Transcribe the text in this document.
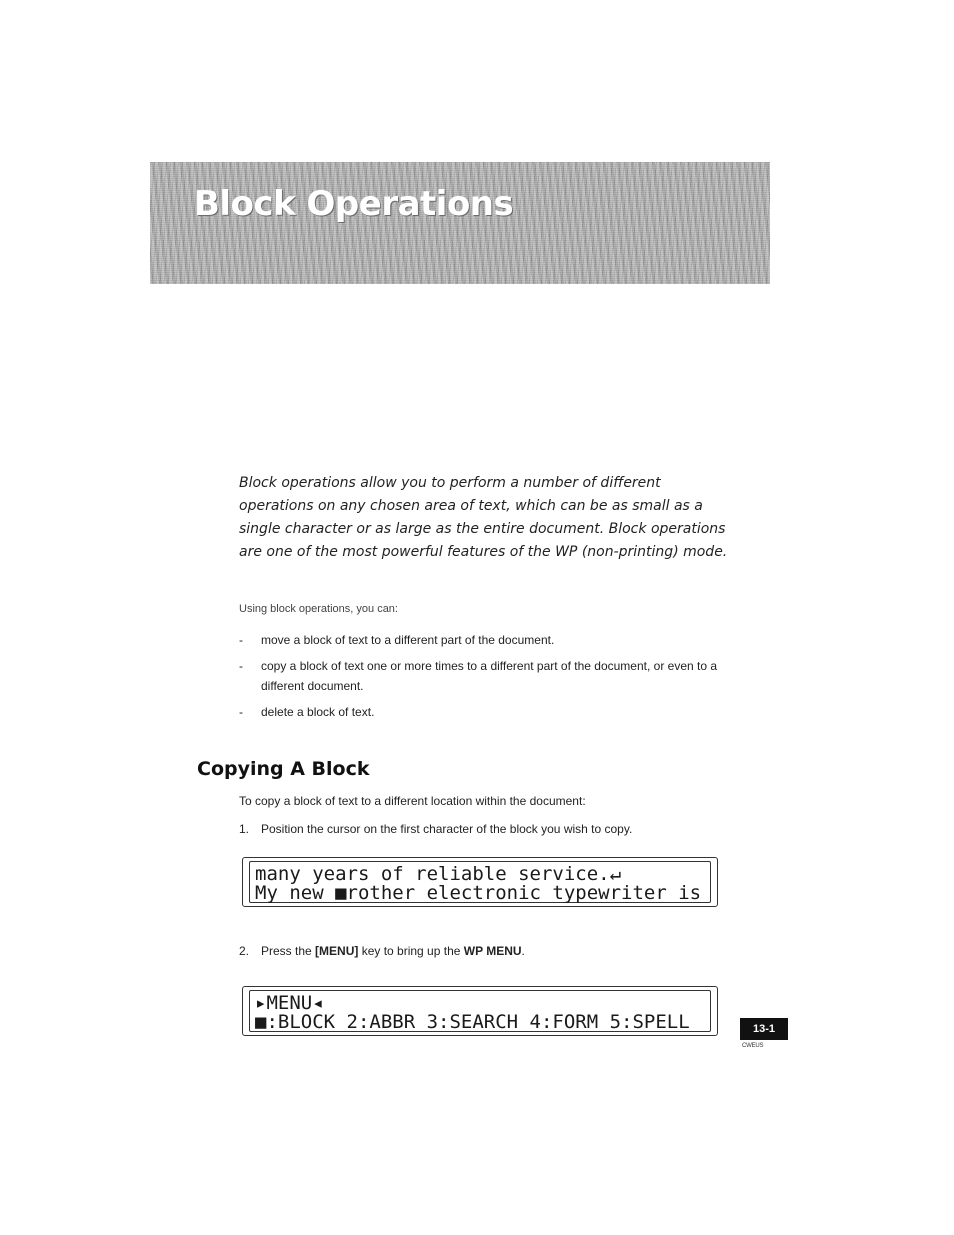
Block Operations

Block operations allow you to perform a number of different operations on any chosen area of text, which can be as small as a single character or as large as the entire document. Block operations are one of the most powerful features of the WP (non-printing) mode.

Using block operations, you can:
- move a block of text to a different part of the document.
- copy a block of text one or more times to a different part of the document, or even to a different document.
- delete a block of text.
Copying A Block
To copy a block of text to a different location within the document:
1. Position the cursor on the first character of the block you wish to copy.
many years of reliable service.↵
My new ■rother electronic typewriter is
2. Press the [MENU] key to bring up the WP MENU.
▸MENU◂
■:BLOCK 2:ABBR 3:SEARCH 4:FORM 5:SPELL	13-1
CWEUS
